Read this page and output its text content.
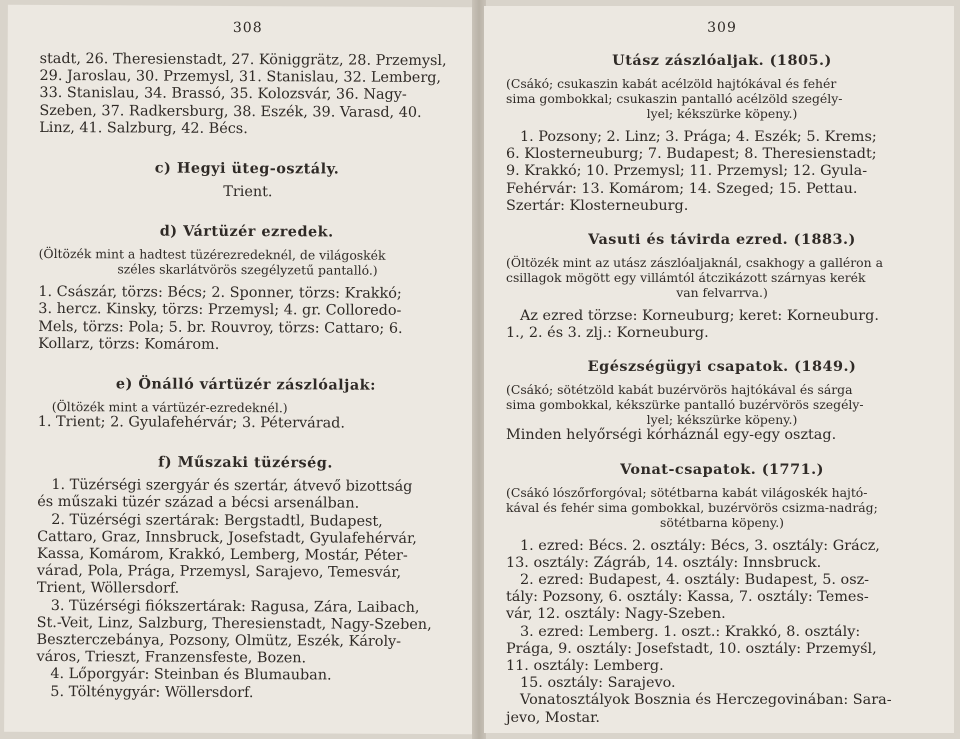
308
stadt, 26. Theresienstadt, 27. Königgrätz, 28. Przemysl,
29. Jaroslau, 30. Przemysl, 31. Stanislau, 32. Lemberg,
33. Stanislau, 34. Brassó, 35. Kolozsvár, 36. Nagy-
Szeben, 37. Radkersburg, 38. Eszék, 39. Varasd, 40.
Linz, 41. Salzburg, 42. Bécs.
c) Hegyi üteg-osztály.
Trient.
d) Vártüzér ezredek.
(Öltözék mint a hadtest tüzérezredeknél, de világoskék
széles skarlátvörös szegélyzetű pantalló.)
1. Császár, törzs: Bécs; 2. Sponner, törzs: Krakkó;
3. hercz. Kinsky, törzs: Przemysl; 4. gr. Colloredo-
Mels, törzs: Pola; 5. br. Rouvroy, törzs: Cattaro; 6.
Kollarz, törzs: Komárom.
e) Önálló vártüzér zászlóaljak:
(Öltözék mint a vártüzér-ezredeknél.)
1. Trient; 2. Gyulafehérvár; 3. Pétervárad.
f) Műszaki tüzérség.
1. Tüzérségi szergyár és szertár, átvevő bizottság
és műszaki tüzér század a bécsi arsenálban.
2. Tüzérségi szertárak: Bergstadtl, Budapest,
Cattaro, Graz, Innsbruck, Josefstadt, Gyulafehérvár,
Kassa, Komárom, Krakkó, Lemberg, Mostár, Péter-
várad, Pola, Prága, Przemysl, Sarajevo, Temesvár,
Trient, Wöllersdorf.
3. Tüzérségi fiókszertárak: Ragusa, Zára, Laibach,
St.-Veit, Linz, Salzburg, Theresienstadt, Nagy-Szeben,
Beszterczebánya, Pozsony, Olmütz, Eszék, Károly-
város, Trieszt, Franzensfeste, Bozen.
4. Lőporgyár: Steinban és Blumauban.
5. Tölténygyár: Wöllersdorf.
309
Utász zászlóaljak. (1805.)
(Csákó; csukaszin kabát acélzöld hajtókával és fehér
sima gombokkal; csukaszin pantalló acélzöld szegély-
lyel; kékszürke köpeny.)
1. Pozsony; 2. Linz; 3. Prága; 4. Eszék; 5. Krems;
6. Klosterneuburg; 7. Budapest; 8. Theresienstadt;
9. Krakkó; 10. Przemysl; 11. Przemysl; 12. Gyula-
Fehérvár: 13. Komárom; 14. Szeged; 15. Pettau.
Szertár: Klosterneuburg.
Vasuti és távirda ezred. (1883.)
(Öltözék mint az utász zászlóaljaknál, csakhogy a galléron a
csillagok mögött egy villámtól átczikázott szárnyas kerék
van felvarrva.)
Az ezred törzse: Korneuburg; keret: Korneuburg.
1., 2. és 3. zlj.: Korneuburg.
Egészségügyi csapatok. (1849.)
(Csákó; sötétzöld kabát buzérvörös hajtókával és sárga
sima gombokkal, kékszürke pantalló buzérvörös szegély-
lyel; kékszürke köpeny.)
Minden helyőrségi kórháznál egy-egy osztag.
Vonat-csapatok. (1771.)
(Csákó lószőrforgóval; sötétbarna kabát világoskék hajtó-
kával és fehér sima gombokkal, buzérvörös csizma-nadrág;
sötétbarna köpeny.)
1. ezred: Bécs. 2. osztály: Bécs, 3. osztály: Grácz,
13. osztály: Zágráb, 14. osztály: Innsbruck.
2. ezred: Budapest, 4. osztály: Budapest, 5. osz-
tály: Pozsony, 6. osztály: Kassa, 7. osztály: Temes-
vár, 12. osztály: Nagy-Szeben.
3. ezred: Lemberg. 1. oszt.: Krakkó, 8. osztály:
Prága, 9. osztály: Josefstadt, 10. osztály: Przemyśl,
11. osztály: Lemberg.
15. osztály: Sarajevo.
Vonatosztályok Bosznia és Herczegovinában: Sara-
jevo, Mostar.
